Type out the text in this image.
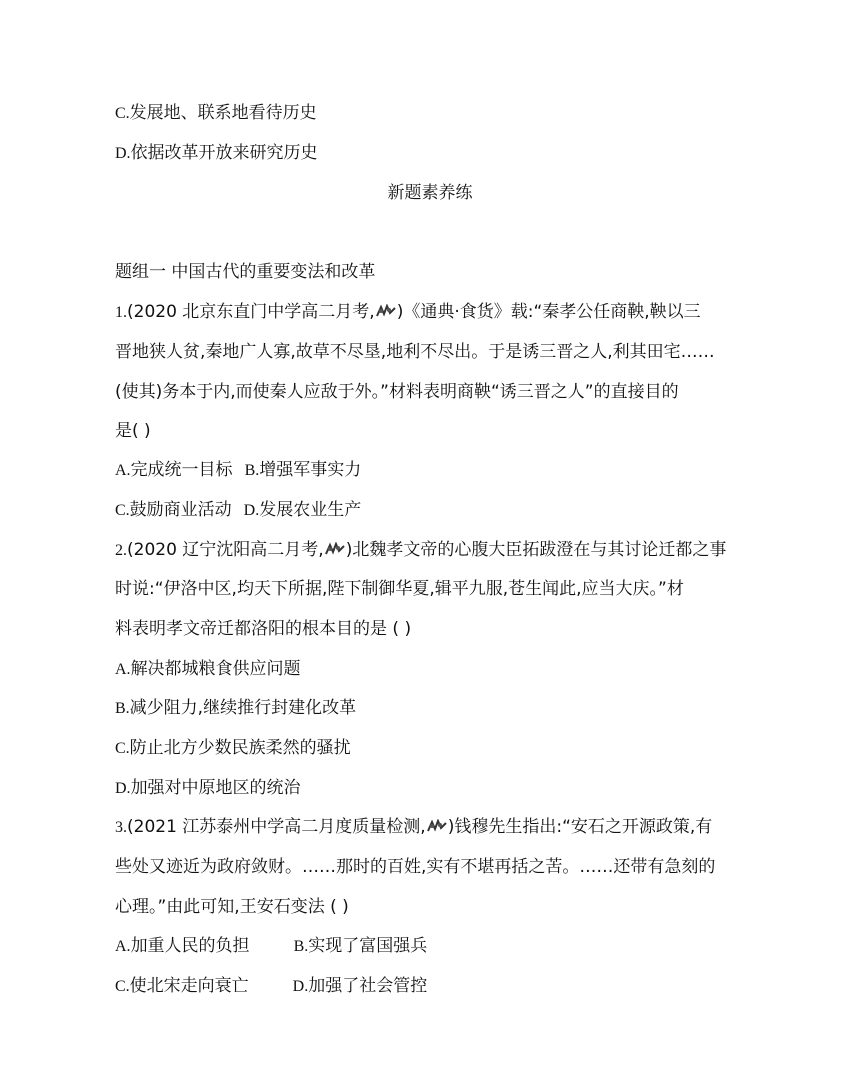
C.发展地、联系地看待历史
D.依据改革开放来研究历史
新题素养练
题组一 中国古代的重要变法和改革
1.(2020 北京东直门中学高二月考, )《通典·食货》载:“秦孝公任商鞅,鞅以三
晋地狭人贫,秦地广人寡,故草不尽垦,地利不尽出。于是诱三晋之人,利其田宅……
(使其)务本于内,而使秦人应敌于外。”材料表明商鞅“诱三晋之人”的直接目的
是( )
A.完成统一目标 B.增强军事实力
C.鼓励商业活动 D.发展农业生产
2.(2020 辽宁沈阳高二月考, )北魏孝文帝的心腹大臣拓跋澄在与其讨论迁都之事
时说:“伊洛中区,均天下所据,陛下制御华夏,辑平九服,苍生闻此,应当大庆。”材
料表明孝文帝迁都洛阳的根本目的是 ( )
A.解决都城粮食供应问题
B.减少阻力,继续推行封建化改革
C.防止北方少数民族柔然的骚扰
D.加强对中原地区的统治
3.(2021 江苏泰州中学高二月度质量检测, )钱穆先生指出:“安石之开源政策,有
些处又迹近为政府敛财。……那时的百姓,实有不堪再括之苦。……还带有急刻的
心理。”由此可知,王安石变法 ( )
A.加重人民的负担	B.实现了富国强兵
C.使北宋走向衰亡	D.加强了社会管控
